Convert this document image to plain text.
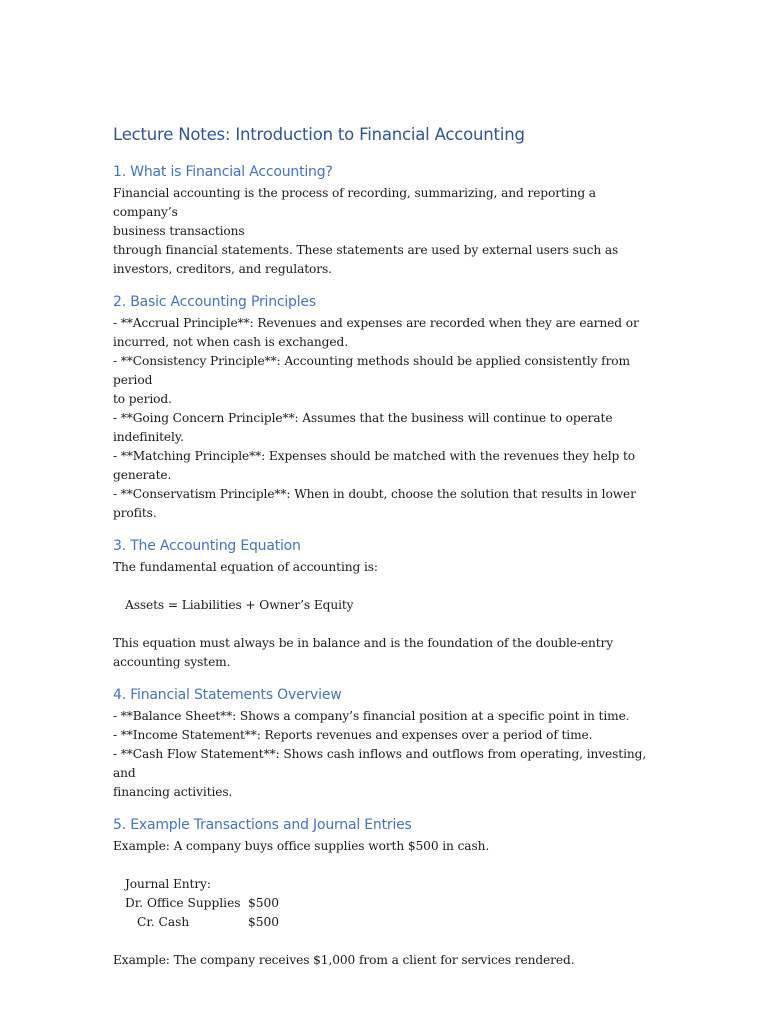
Lecture Notes: Introduction to Financial Accounting
1. What is Financial Accounting?

Financial accounting is the process of recording, summarizing, and reporting a company’s

business transactions

through financial statements. These statements are used by external users such as

investors, creditors, and regulators.

2. Basic Accounting Principles

- **Accrual Principle**: Revenues and expenses are recorded when they are earned or

incurred, not when cash is exchanged.

- **Consistency Principle**: Accounting methods should be applied consistently from period

to period.

- **Going Concern Principle**: Assumes that the business will continue to operate

indefinitely.

- **Matching Principle**: Expenses should be matched with the revenues they help to

generate.

- **Conservatism Principle**: When in doubt, choose the solution that results in lower

profits.

3. The Accounting Equation

The fundamental equation of accounting is:

Assets = Liabilities + Owner’s Equity

This equation must always be in balance and is the foundation of the double-entry

accounting system.

4. Financial Statements Overview

- **Balance Sheet**: Shows a company’s financial position at a specific point in time.

- **Income Statement**: Reports revenues and expenses over a period of time.

- **Cash Flow Statement**: Shows cash inflows and outflows from operating, investing, and

financing activities.

5. Example Transactions and Journal Entries

Example: A company buys office supplies worth $500 in cash.

Journal Entry:

Dr. Office Supplies $500
Cr. Cash	$500

Example: The company receives $1,000 from a client for services rendered.
